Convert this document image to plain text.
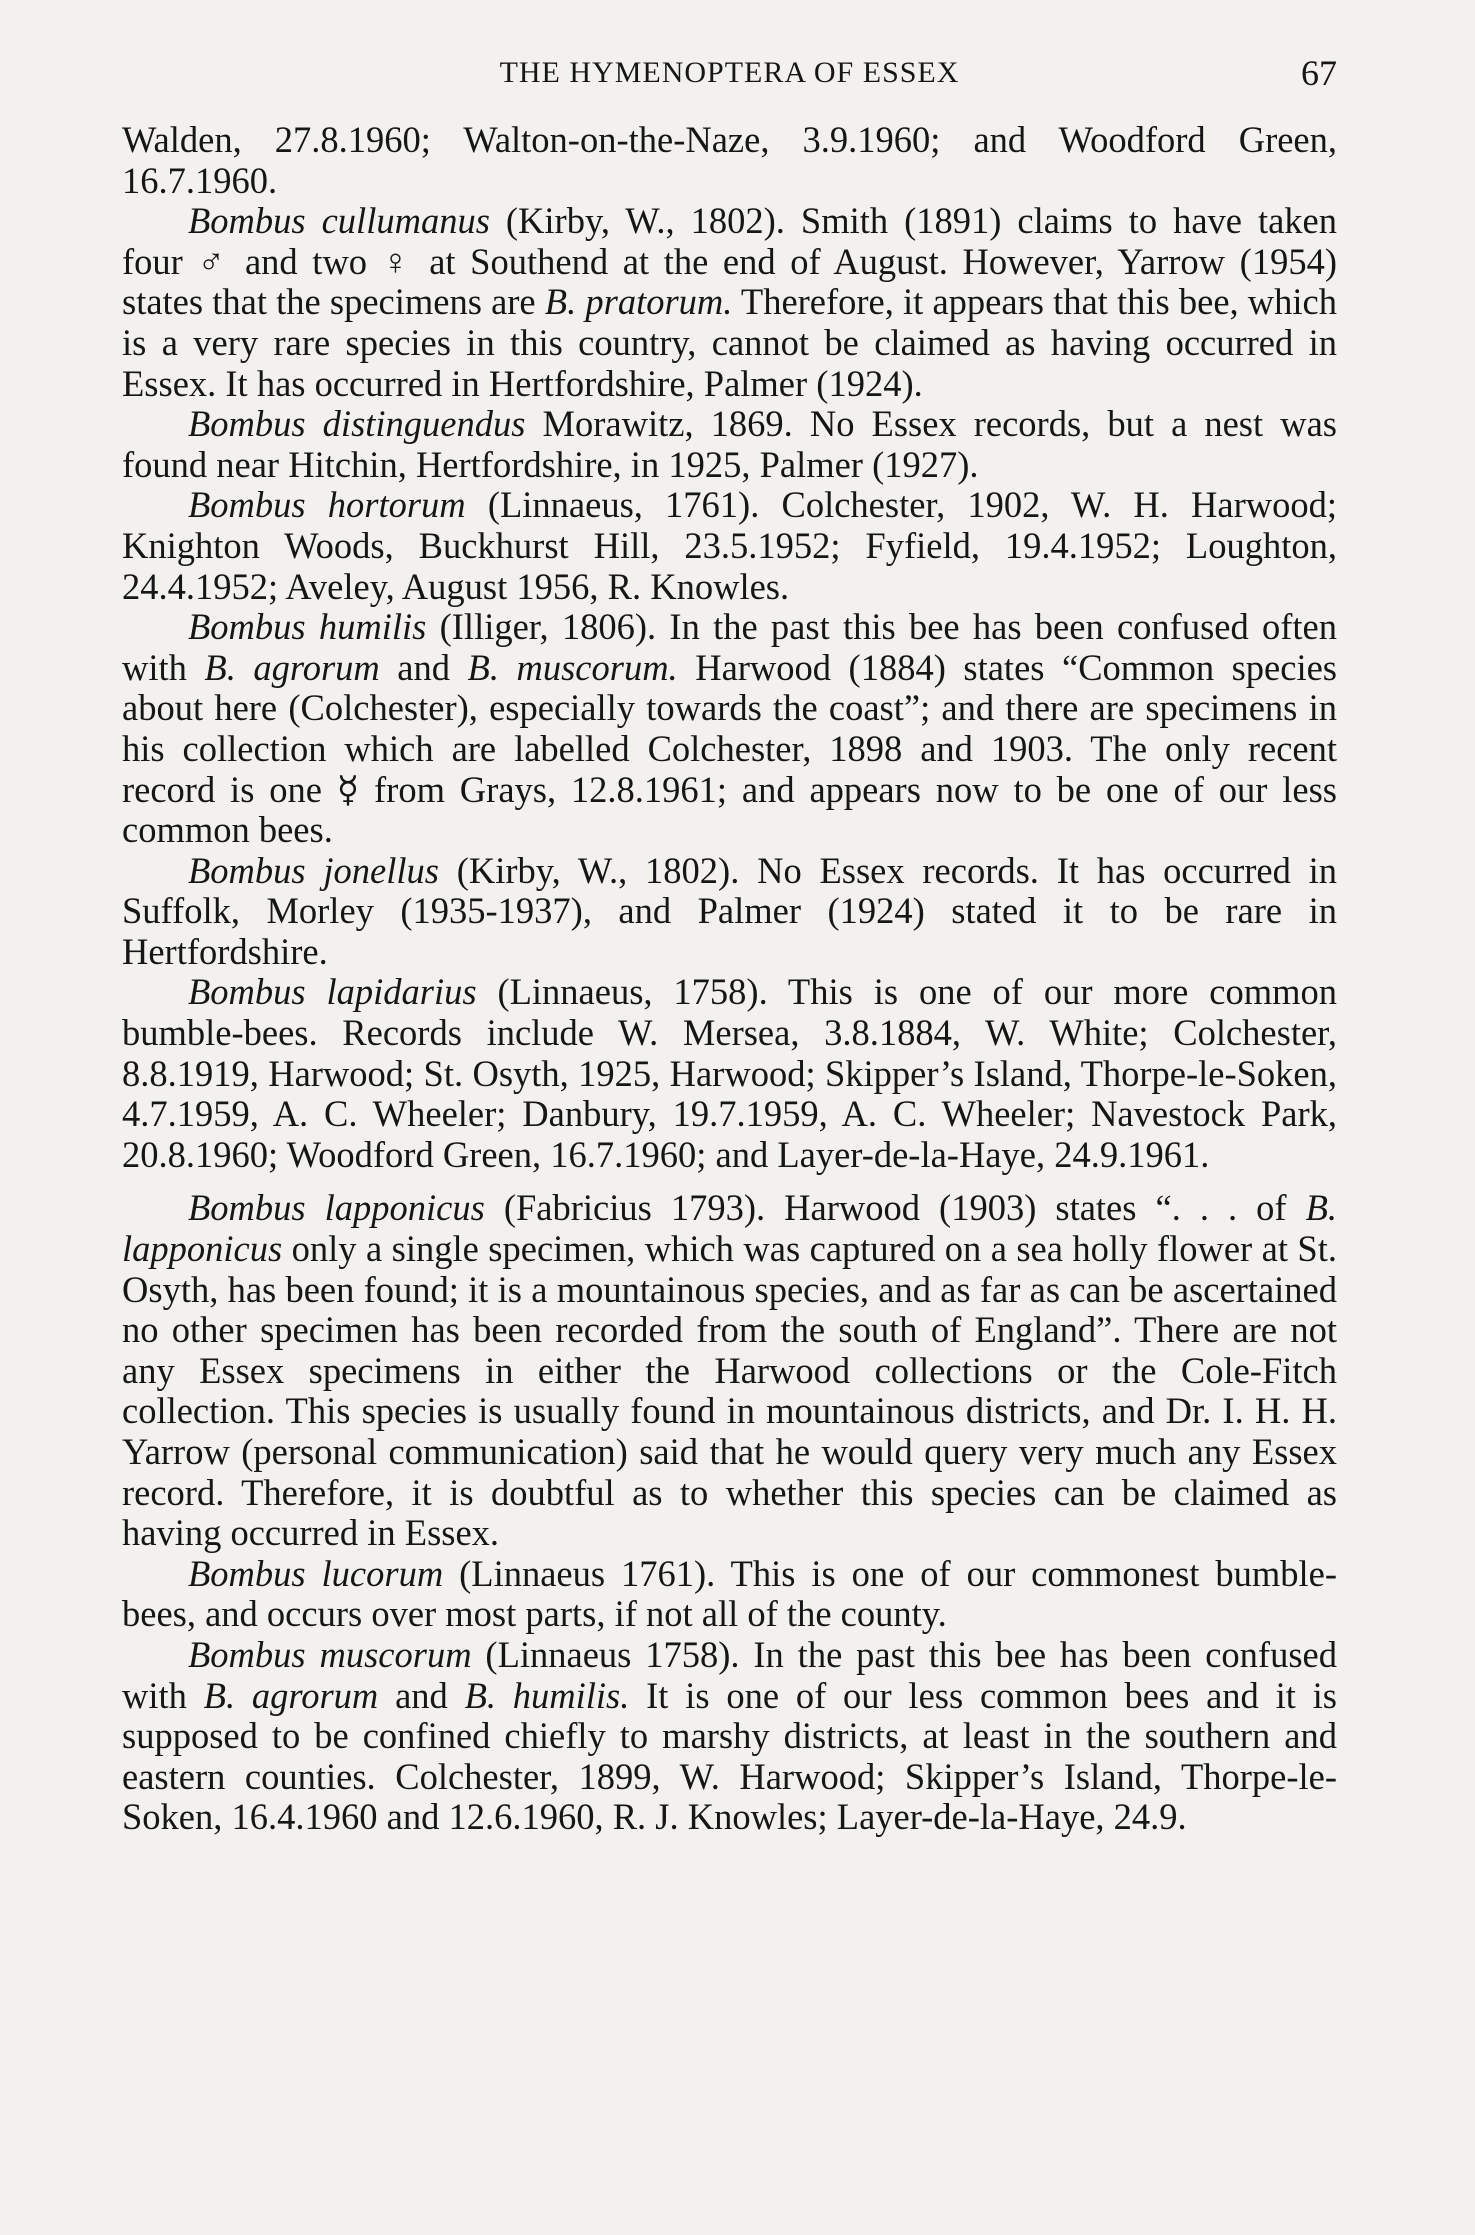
THE HYMENOPTERA OF ESSEX	67

Walden, 27.8.1960; Walton-on-the-Naze, 3.9.1960; and Woodford Green, 16.7.1960.

Bombus cullumanus (Kirby, W., 1802). Smith (1891) claims to have taken four ♂ and two ♀ at Southend at the end of August. However, Yarrow (1954) states that the specimens are B. pratorum. Therefore, it appears that this bee, which is a very rare species in this country, cannot be claimed as having occurred in Essex. It has occurred in Hertfordshire, Palmer (1924).

Bombus distinguendus Morawitz, 1869. No Essex records, but a nest was found near Hitchin, Hertfordshire, in 1925, Palmer (1927).

Bombus hortorum (Linnaeus, 1761). Colchester, 1902, W. H. Harwood; Knighton Woods, Buckhurst Hill, 23.5.1952; Fyfield, 19.4.1952; Loughton, 24.4.1952; Aveley, August 1956, R. Knowles.

Bombus humilis (Illiger, 1806). In the past this bee has been confused often with B. agrorum and B. muscorum. Harwood (1884) states “Common species about here (Colchester), especially towards the coast”; and there are specimens in his collection which are labelled Colchester, 1898 and 1903. The only recent record is one ☿ from Grays, 12.8.1961; and appears now to be one of our less common bees.

Bombus jonellus (Kirby, W., 1802). No Essex records. It has occurred in Suffolk, Morley (1935-1937), and Palmer (1924) stated it to be rare in Hertfordshire.

Bombus lapidarius (Linnaeus, 1758). This is one of our more common bumble-bees. Records include W. Mersea, 3.8.1884, W. White; Colchester, 8.8.1919, Harwood; St. Osyth, 1925, Harwood; Skipper’s Island, Thorpe-le-Soken, 4.7.1959, A. C. Wheeler; Danbury, 19.7.1959, A. C. Wheeler; Navestock Park, 20.8.1960; Woodford Green, 16.7.1960; and Layer-de-la-Haye, 24.9.1961.

Bombus lapponicus (Fabricius 1793). Harwood (1903) states “. . . of B. lapponicus only a single specimen, which was captured on a sea holly flower at St. Osyth, has been found; it is a mountainous species, and as far as can be ascertained no other specimen has been recorded from the south of England”. There are not any Essex specimens in either the Harwood collections or the Cole-Fitch collection. This species is usually found in mountainous districts, and Dr. I. H. H. Yarrow (personal communication) said that he would query very much any Essex record. Therefore, it is doubtful as to whether this species can be claimed as having occurred in Essex.

Bombus lucorum (Linnaeus 1761). This is one of our commonest bumble-bees, and occurs over most parts, if not all of the county.

Bombus muscorum (Linnaeus 1758). In the past this bee has been confused with B. agrorum and B. humilis. It is one of our less common bees and it is supposed to be confined chiefly to marshy districts, at least in the southern and eastern counties. Colchester, 1899, W. Harwood; Skipper’s Island, Thorpe-le-Soken, 16.4.1960 and 12.6.1960, R. J. Knowles; Layer-de-la-Haye, 24.9.
